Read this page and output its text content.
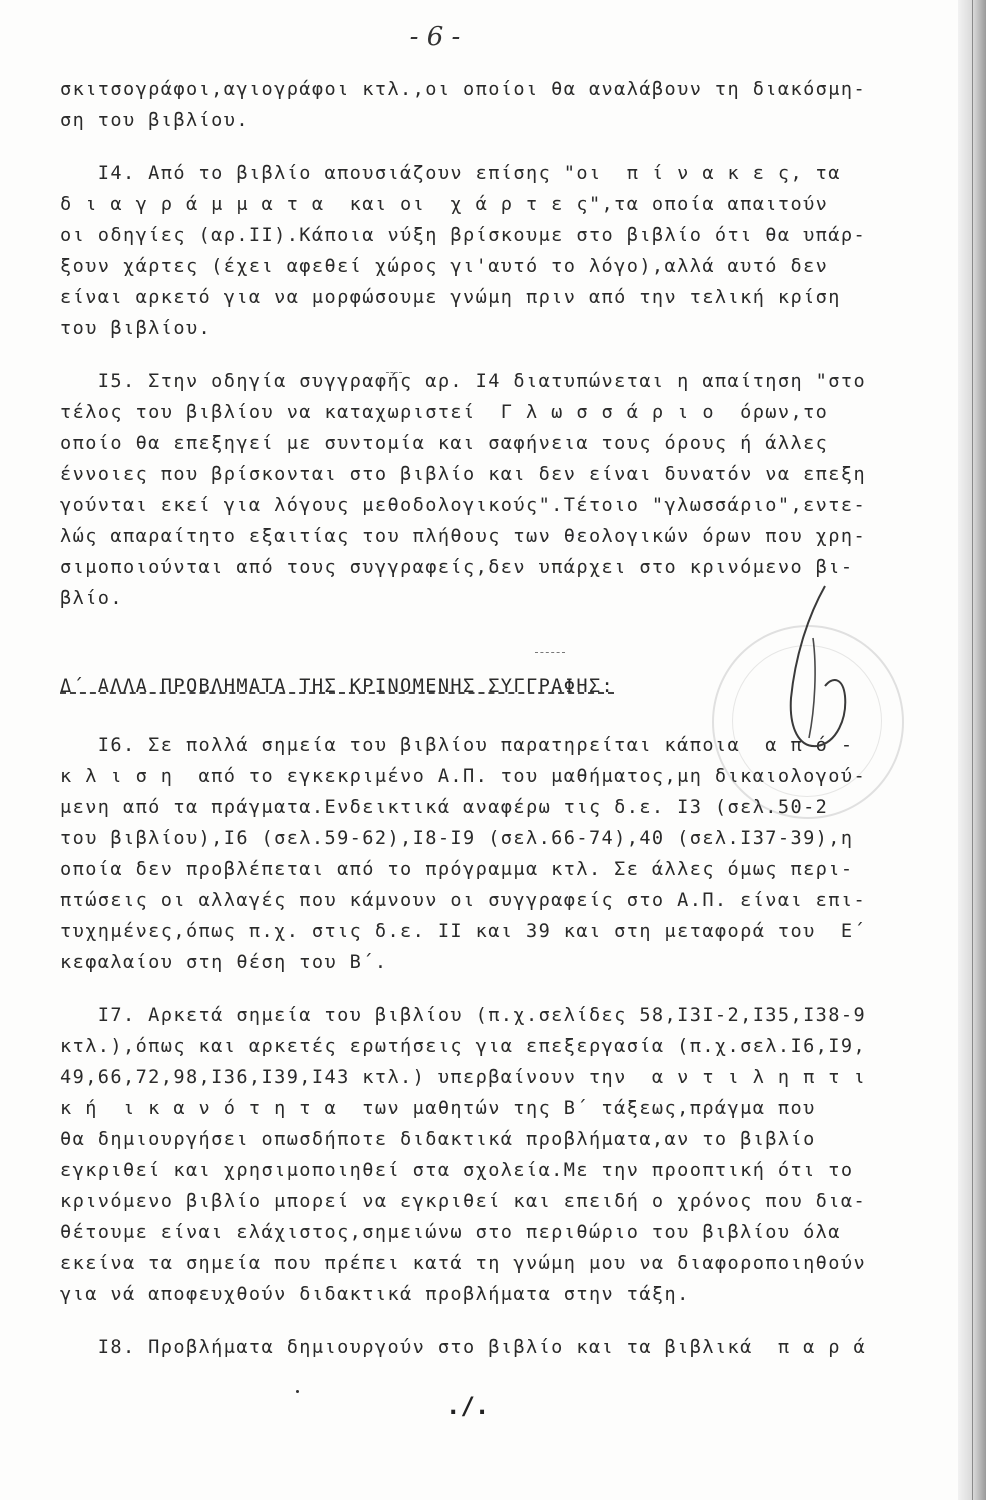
- 6 -
σκιτσογράφοι,αγιογράφοι κτλ.,οι οποίοι θα αναλάβουν τη διακόσμη-
ση του βιβλίου.
Ι4. Από το βιβλίο απουσιάζουν επίσης "οι  π ί ν α κ ε ς, τα
δ ι α γ ρ ά μ μ α τ α  και οι  χ ά ρ τ ε ς",τα οποία απαιτούν
οι οδηγίες (αρ.ΙΙ).Κάποια νύξη βρίσκουμε στο βιβλίο ότι θα υπάρ-
ξουν χάρτες (έχει αφεθεί χώρος γι'αυτό το λόγο),αλλά αυτό δεν
είναι αρκετό για να μορφώσουμε γνώμη πριν από την τελική κρίση
του βιβλίου.
Ι5. Στην οδηγία συγγραφής αρ. Ι4 διατυπώνεται η απαίτηση "στο
τέλος του βιβλίου να καταχωριστεί  Γ λ ω σ σ ά ρ ι ο  όρων,το
οποίο θα επεξηγεί με συντομία και σαφήνεια τους όρους ή άλλες
έννοιες που βρίσκονται στο βιβλίο και δεν είναι δυνατόν να επεξη
γούνται εκεί για λόγους μεθοδολογικούς".Τέτοιο "γλωσσάριο",εντε-
λώς απαραίτητο εξαιτίας του πλήθους των θεολογικών όρων που χρη-
σιμοποιούνται από τους συγγραφείς,δεν υπάρχει στο κρινόμενο βι-
βλίο.
Δ΄ ΑΛΛΑ ΠΡΟΒΛΗΜΑΤΑ ΤΗΣ ΚΡΙΝΟΜΕΝΗΣ ΣΥΓΓΡΑΦΗΣ:
Ι6. Σε πολλά σημεία του βιβλίου παρατηρείται κάποια  α π ό -
κ λ ι σ η  από το εγκεκριμένο Α.Π. του μαθήματος,μη δικαιολογού-
μενη από τα πράγματα.Ενδεικτικά αναφέρω τις δ.ε. Ι3 (σελ.50-2
του βιβλίου),Ι6 (σελ.59-62),Ι8-Ι9 (σελ.66-74),40 (σελ.Ι37-39),η
οποία δεν προβλέπεται από το πρόγραμμα κτλ. Σε άλλες όμως περι-
πτώσεις οι αλλαγές που κάμνουν οι συγγραφείς στο Α.Π. είναι επι-
τυχημένες,όπως π.χ. στις δ.ε. ΙΙ και 39 και στη μεταφορά του  Ε΄
κεφαλαίου στη θέση του Β΄.
Ι7. Αρκετά σημεία του βιβλίου (π.χ.σελίδες 58,Ι3Ι-2,Ι35,Ι38-9
κτλ.),όπως και αρκετές ερωτήσεις για επεξεργασία (π.χ.σελ.Ι6,Ι9,
49,66,72,98,Ι36,Ι39,Ι43 κτλ.) υπερβαίνουν την  α ν τ ι λ η π τ ι
κ ή  ι κ α ν ό τ η τ α  των μαθητών της Β΄ τάξεως,πράγμα που
θα δημιουργήσει οπωσδήποτε διδακτικά προβλήματα,αν το βιβλίο
εγκριθεί και χρησιμοποιηθεί στα σχολεία.Με την προοπτική ότι το
κρινόμενο βιβλίο μπορεί να εγκριθεί και επειδή ο χρόνος που δια-
θέτουμε είναι ελάχιστος,σημειώνω στο περιθώριο του βιβλίου όλα
εκείνα τα σημεία που πρέπει κατά τη γνώμη μου να διαφοροποιηθούν
για νά αποφευχθούν διδακτικά προβλήματα στην τάξη.
Ι8. Προβλήματα δημιουργούν στο βιβλίο και τα βιβλικά  π α ρ ά
./.
